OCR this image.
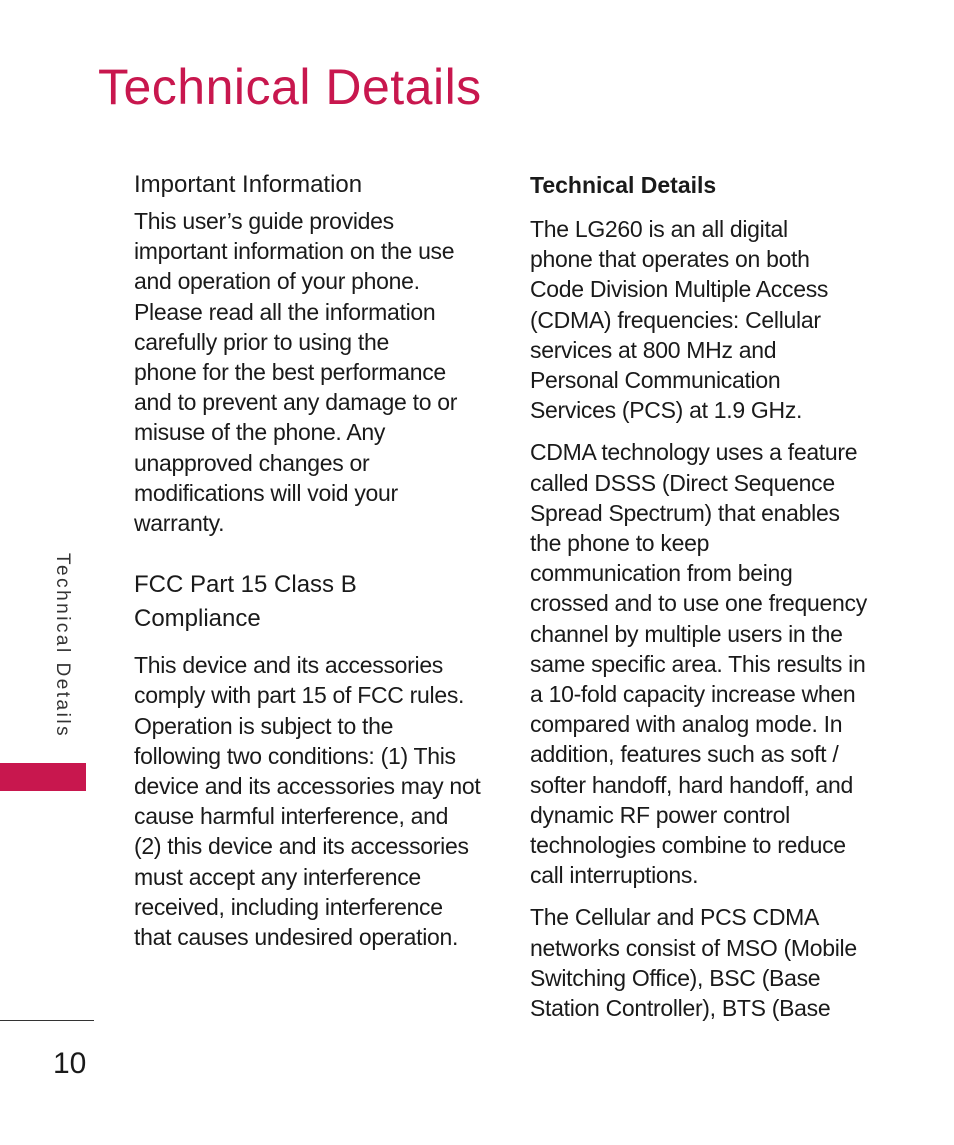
Technical Details
Important Information

This user’s guide provides
important information on the use
and operation of your phone.
Please read all the information
carefully prior to using the
phone for the best performance
and to prevent any damage to or
misuse of the phone. Any
unapproved changes or
modifications will void your
warranty.

FCC Part 15 Class B
Compliance

This device and its accessories
comply with part 15 of FCC rules.
Operation is subject to the
following two conditions: (1) This
device and its accessories may not
cause harmful interference, and
(2) this device and its accessories
must accept any interference
received, including interference
that causes undesired operation.

Technical Details

The LG260 is an all digital
phone that operates on both
Code Division Multiple Access
(CDMA) frequencies: Cellular
services at 800 MHz and
Personal Communication
Services (PCS) at 1.9 GHz.

CDMA technology uses a feature
called DSSS (Direct Sequence
Spread Spectrum) that enables
the phone to keep
communication from being
crossed and to use one frequency
channel by multiple users in the
same specific area. This results in
a 10-fold capacity increase when
compared with analog mode. In
addition, features such as soft /
softer handoff, hard handoff, and
dynamic RF power control
technologies combine to reduce
call interruptions.

The Cellular and PCS CDMA
networks consist of MSO (Mobile
Switching Office), BSC (Base
Station Controller), BTS (Base

Technical Details
10
